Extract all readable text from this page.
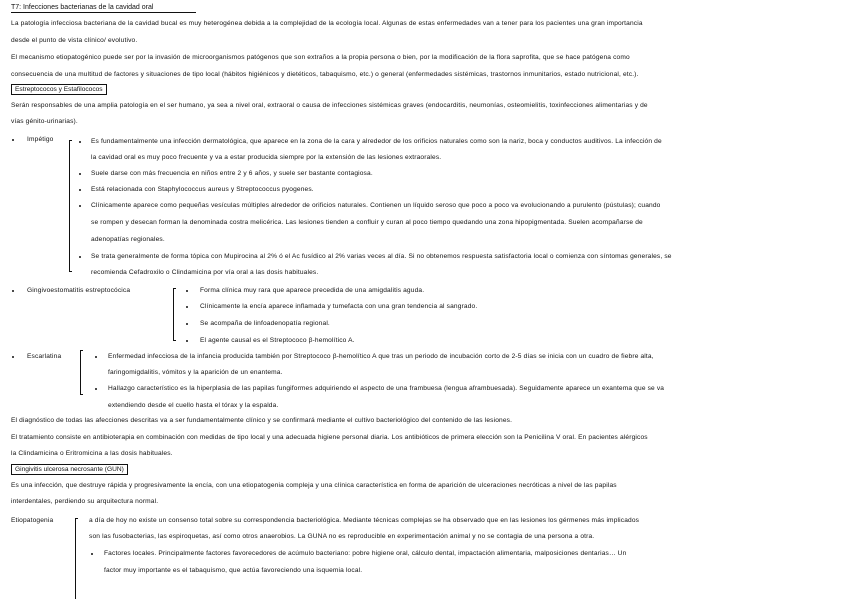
T7: Infecciones bacterianas de la cavidad oral
La patología infecciosa bacteriana de la cavidad bucal es muy heterogénea debida a la complejidad de la ecología local. Algunas de estas enfermedades van a tener para los pacientes una gran importancia
desde el punto de vista clínico/ evolutivo.
El mecanismo etiopatogénico puede ser por la invasión de microorganismos patógenos que son extraños a la propia persona o bien, por la modificación de la flora saprofita, que se hace patógena como
consecuencia de una multitud de factores y situaciones de tipo local (hábitos higiénicos y dietéticos, tabaquismo, etc.) o general (enfermedades sistémicas, trastornos inmunitarios, estado nutricional, etc.).
Estreptococos y Estafilococos
Serán responsables de una amplia patología en el ser humano, ya sea a nivel oral, extraoral o causa de infecciones sistémicas graves (endocarditis, neumonías, osteomielitis, toxinfecciones alimentarias y de
vías génito-urinarias).
Impétigo	Es fundamentalmente una infección dermatológica, que aparece en la zona de la cara y alrededor de los orificios naturales como son la nariz, boca y conductos auditivos. La infección de
la cavidad oral es muy poco frecuente y va a estar producida siempre por la extensión de las lesiones extraorales.
Suele darse con más frecuencia en niños entre 2 y 6 años, y suele ser bastante contagiosa.
Está relacionada con Staphylococcus aureus y Streptococcus pyogenes.
Clínicamente aparece como pequeñas vesículas múltiples alrededor de orificios naturales. Contienen un líquido seroso que poco a poco va evolucionando a purulento (pústulas); cuando
se rompen y desecan forman la denominada costra melicérica. Las lesiones tienden a confluir y curan al poco tiempo quedando una zona hipopigmentada. Suelen acompañarse de
adenopatías regionales.
Se trata generalmente de forma tópica con Mupirocina al 2% ó el Ac fusídico al 2% varias veces al día. Si no obtenemos respuesta satisfactoria local o comienza con síntomas generales, se
recomienda Cefadroxilo o Clindamicina por vía oral a las dosis habituales.
Gingivoestomatitis estreptocócica	Forma clínica muy rara que aparece precedida de una amigdalitis aguda.
Clínicamente la encía aparece inflamada y tumefacta con una gran tendencia al sangrado.
Se acompaña de linfoadenopatía regional.
El agente causal es el Streptococo β-hemolítico A.
Escarlatina	Enfermedad infecciosa de la infancia producida también por Streptococo β-hemolítico A que tras un periodo de incubación corto de 2-5 días se inicia con un cuadro de fiebre alta,
faringomigdalitis, vómitos y la aparición de un enantema.
Hallazgo característico es la hiperplasia de las papilas fungiformes adquiriendo el aspecto de una frambuesa (lengua aframbuesada). Seguidamente aparece un exantema que se va
extendiendo desde el cuello hasta el tórax y la espalda.
El diagnóstico de todas las afecciones descritas va a ser fundamentalmente clínico y se confirmará mediante el cultivo bacteriológico del contenido de las lesiones.
El tratamiento consiste en antibioterapia en combinación con medidas de tipo local y una adecuada higiene personal diaria. Los antibióticos de primera elección son la Penicilina V oral. En pacientes alérgicos
la Clindamicina o Eritromicina a las dosis habituales.
Gingivitis ulcerosa necrosante (GUN)
Es una infección, que destruye rápida y progresivamente la encía, con una etiopatogenia compleja y una clínica característica en forma de aparición de ulceraciones necróticas a nivel de las papilas
interdentales, perdiendo su arquitectura normal.
Etiopatogenia	a día de hoy no existe un consenso total sobre su correspondencia bacteriológica. Mediante técnicas complejas se ha observado que en las lesiones los gérmenes más implicados
son las fusobacterias, las espiroquetas, así como otros anaerobios. La GUNA no es reproducible en experimentación animal y no se contagia de una persona a otra.
Factores locales. Principalmente factores favorecedores de acúmulo bacteriano: pobre higiene oral, cálculo dental, impactación alimentaria, malposiciones dentarias… Un
factor muy importante es el tabaquismo, que actúa favoreciendo una isquemia local.
